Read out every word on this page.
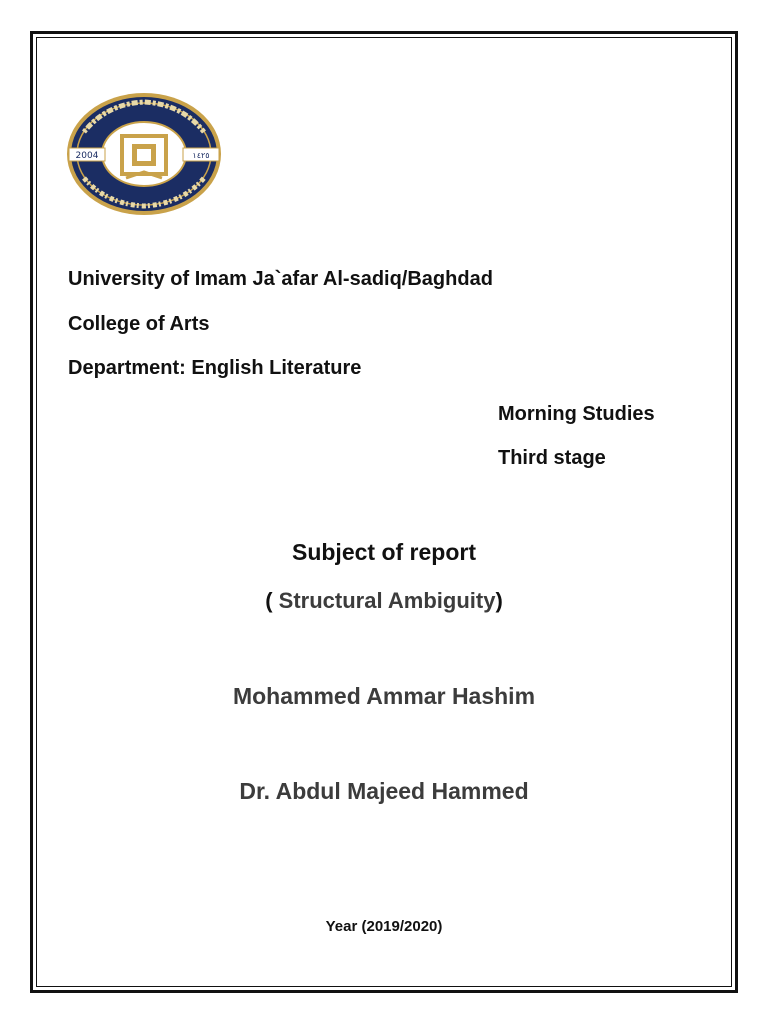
2004	١٤٢٥

University of Imam Ja`afar Al-sadiq/Baghdad

College of Arts

Department: English Literature

Morning Studies

Third stage

Subject of report

( Structural Ambiguity)

Mohammed Ammar Hashim

Dr. Abdul Majeed Hammed

Year (2019/2020)
